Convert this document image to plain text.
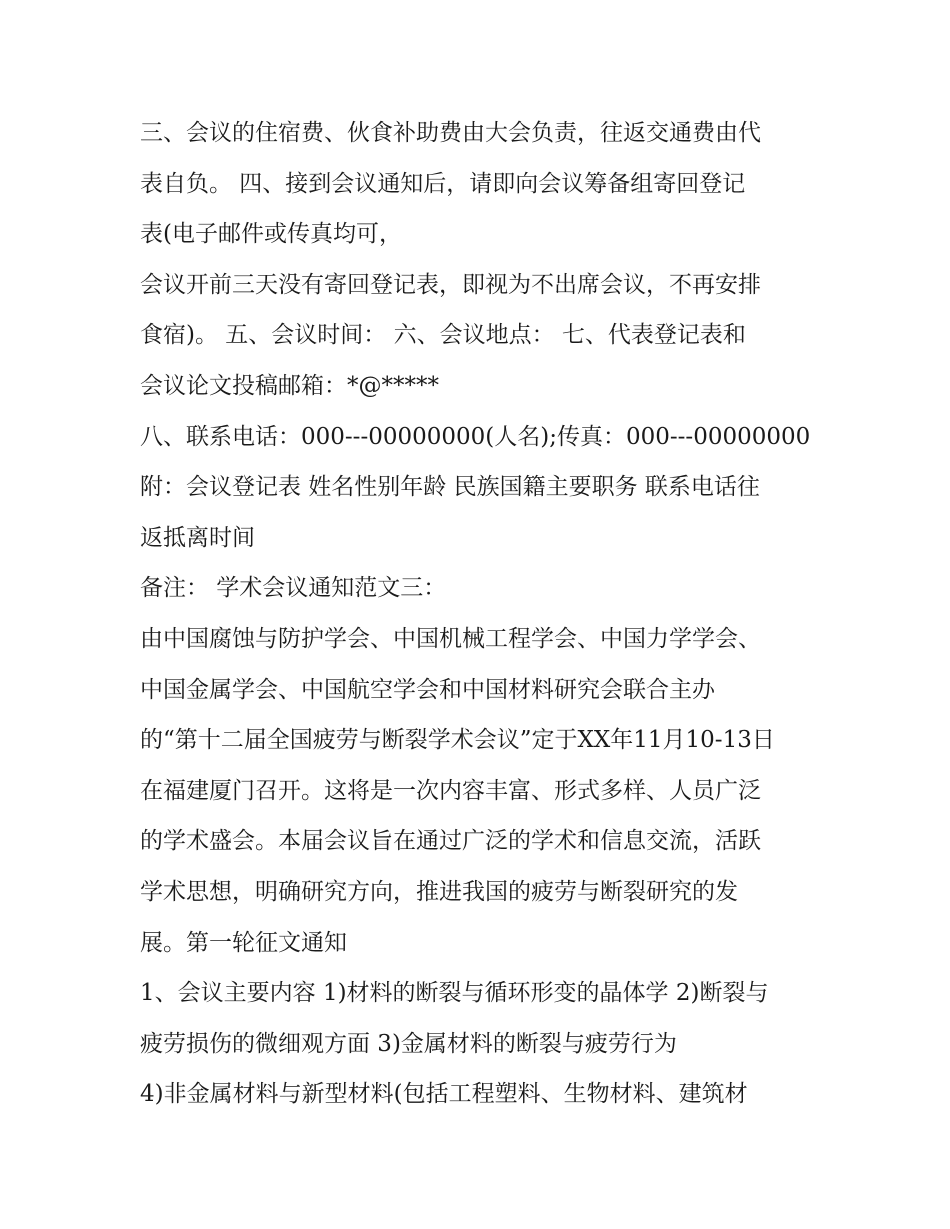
三、会议的住宿费、伙食补助费由大会负责，往返交通费由代
表自负。 四、接到会议通知后，请即向会议筹备组寄回登记
表(电子邮件或传真均可，
会议开前三天没有寄回登记表，即视为不出席会议，不再安排
食宿)。 五、会议时间： 六、会议地点： 七、代表登记表和
会议论文投稿邮箱：*@*****
八、联系电话：000---00000000(人名);传真：000---00000000
附：会议登记表 姓名性别年龄 民族国籍主要职务 联系电话往
返抵离时间
备注： 学术会议通知范文三：
由中国腐蚀与防护学会、中国机械工程学会、中国力学学会、
中国金属学会、中国航空学会和中国材料研究会联合主办
的“第十二届全国疲劳与断裂学术会议”定于XX年11月10-13日
在福建厦门召开。这将是一次内容丰富、形式多样、人员广泛
的学术盛会。本届会议旨在通过广泛的学术和信息交流，活跃
学术思想，明确研究方向，推进我国的疲劳与断裂研究的发
展。第一轮征文通知
1、会议主要内容 1)材料的断裂与循环形变的晶体学 2)断裂与
疲劳损伤的微细观方面 3)金属材料的断裂与疲劳行为
4)非金属材料与新型材料(包括工程塑料、生物材料、建筑材
